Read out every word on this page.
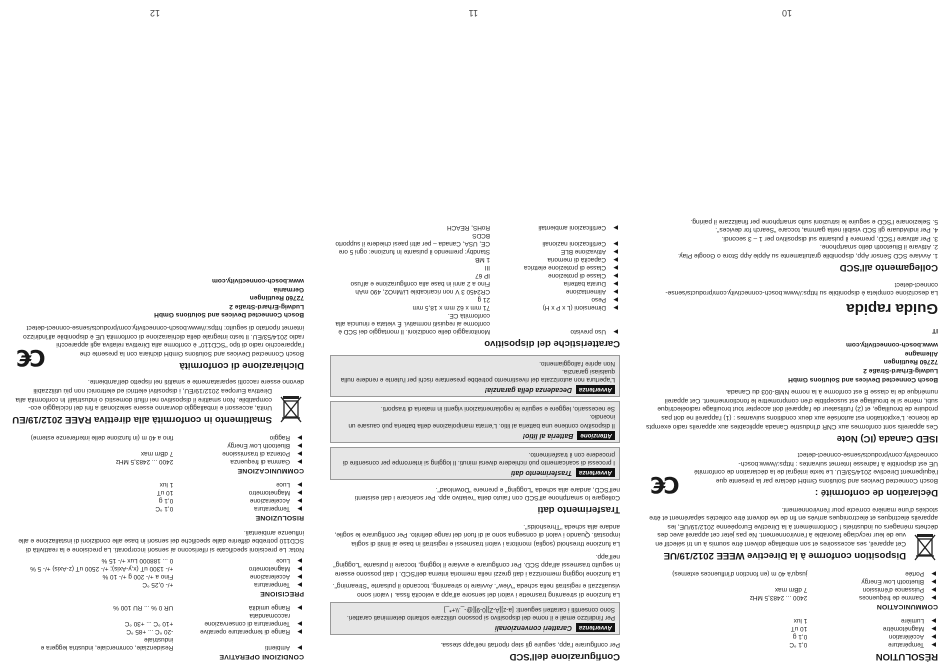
RÉSOLUTION
▶	Température	0,1 °C
▶	Accélération	0,1 g
▶	Magnétomètre	10 uT
▶	Lumière	1 lux
COMMUNICATION
▶	Gamme de fréquences	2400 ... 2483,5 MHz
▶	Puissance d'émission	7 dBm max
▶	Bluetooth Low Energy	
▶	Portée	jusqu'à 40 m (en fonction d'influences externes)
Disposition conforme à la Directive WEEE 2012/19/UE
Cet appareil, ses accessoires et son emballage doivent être soumis à un tri sélectif en vue de leur recyclage favorable à l'environnement. Ne pas jeter cet appareil avec des déchets ménagers ou industriels ! Conformément à la Directive Européenne 2012/19/UE, les appareils électriques et électroniques arrivés en fin de vie doivent être collectés séparément et être stockés d'une manière correcte pour l'environnement.
C€	Déclaration de conformité :
Bosch Connected Devices and Solutions GmbH déclare par la présente que l'équipement Directive 2014/53/EU. Le texte intégral de la déclaration de conformité UE est disponible à l'adresse Internet suivantes : https://www.bosch-connectivity.com/products/sense-connect-detect
ISED Canada (IC) Note
Ces appareils sont conformes aux CNR d'Industrie Canada applicables aux appareils radio exempts de licence. L'exploitation est autorisée aux deux conditions suivantes : (1) l'appareil ne doit pas produire de brouillage, et (2) l'utilisateur de l'appareil doit accepter tout brouillage radioélectrique subi, même si le brouillage est susceptible d'en compromettre le fonctionnement. Cet appareil numérique de la classe B est conforme à la norme NMB-003 du Canada.
Bosch Connected Devices and Solutions GmbH
Ludwig-Erhard-Straße 2
72760 Reutlingen
Allemagne
www.bosch-connectivity.com
IT
Guida rapida
La descrizione completa è disponibile su https://www.bosch-connectivity.com/products/sense-connect-detect
Collegamento all'SCD
1. Avviare SCD Sensor App, disponibile gratuitamente su Apple App Store o Google Play.
2. Attivare il Bluetooth dello smartphone.
3. Per attivare l'SCD, premere il pulsante sul dispositivo per 1 – 3 secondi.
4. Per individuare gli SCD visibili nella gamma, toccare "Search for devices".
5. Selezionare l'SCD e seguire le istruzioni sullo smartphone per finalizzare il pairing.
10
Configurazione dell'SCD
Per configurare l'app, seguire gli step riportati nell'app stessa.
Avvertenza
Caratteri convenzionali
Per l'indirizzo email e il nome del dispositivo si possono utilizzare soltanto determinati caratteri.
Sono consentiti i caratteri seguenti: [a-z][A-Z][0-9][@-_.\\+*_]
La funzione di streaming trasmette i valori del sensore all'app a velocità fissa. I valori sono visualizzati e registrati nella scheda "View". Avviare lo streaming, toccando il pulsante "Streaming".
La funzione logging memorizza i dati grezzi nella memoria interna dell'SCD. I dati possono essere in seguito trasmessi all'app SCD. Per configurare e avviare il logging, toccare il pulsante "Logging" nell'app.
La funzione threshold (soglia) monitora i valori trasmessi e registrati in base ai limiti di soglia impostati. Quando i valori di consegna sono al di fuori del range definito. Per configurare le soglie, andare alla scheda "Thresholds".
Trasferimento dati
Collegare lo smartphone all'SCD con l'aiuto della "relativo app. Per scaricare i dati esistenti nell'SCD, andare alla scheda "Logging" e premere "Download".
Avvertenza
Trasferimento dati
I processi di scaricamento può richiedere diversi minuti. Il logging si interrompe per consentire di procedere con il trasferimento.
Attenzione
Batteria al litio!
Il dispositivo contiene una batteria al litio. L'errata manipolazione della batteria può causare un incendio.
Se necessario, leggere e seguire le regolamentazioni vigenti in materia di trasporti.
Avvertenza
Decadenza della garanzia!
L'apertura non autorizzata del rivestimento potrebbe presentare rischi per l'utente e rendere nulla qualsiasi garanzia.
Non aprire l'alloggiamento.
Caratteristiche del dispositivo
▶	Uso previsto	Monitoraggio delle condizioni. Il montaggio dei SCD è conforme ai requisiti normativi. È vietata e rinuncia alla conformità CE.
▶	Dimensioni (L x P x H)	71 mm x 62 mm x 18,5 mm
▶	Peso	21 g
▶	Alimentazione	CR2450 3 V non ricaricabile Li/MnO2, 490 mAh
▶	Durata batteria	Fino a 2 anni in base alla configurazione e all'uso
▶	Classe di protezione	IP 67
▶	Classe di protezione elettrica	III
▶	Capacità di memoria	1 MB
▶	Attivazione BLE	Standby: premendo il pulsante In funzione: ogni 5 ore
▶	Certificazioni nazionali	CE, USA, Canada – per altri paesi chiedere il supporto BCDS
▶	Certificazioni ambientali	RoHS, REACH
11
CONDIZIONI OPERATIVE
▶	Ambienti	Residenziale, commerciale, industria leggera e industriale
▶	Range di temperature operative	-20 °C ... +85 °C
▶	Temperatura di conservazione raccomandata	+10 °C ... +30 °C
▶	Range umidità	UR 0 % ... RU 100 %
PRECISIONE
▶	Temperatura	+/- 0,25 °C
▶	Accelerazione	Fino a +/- 200 g +/- 10 %
▶	Magnetometro	+/- 1300 uT (x,y-Axis); +/- 2500 uT (z-Axis) +/- 5 %
▶	Luce	0 ... 188000 Lux +/- 15 %
Nota: Le precisioni specificate si riferiscono ai sensori incorporati. La precisione e la reattività di SCD110 potrebbe differire dalle specifiche dei sensori in base alle condizioni di installazione e alle influenze ambientali.
RISOLUZIONE
▶	Temperatura	0,1 °C
▶	Accelerazione	0,1 g
▶	Magnetometro	10 uT
▶	Luce	1 lux
COMMUNICAZIONE
▶	Gamma di frequenza	2400 ... 2483,5 MHz
▶	Potenza di trasmissione	7 dBm max
▶	Bluetooth Low Energy	
▶	Raggio	fino a 40 m (in funzione delle interferenze esterne)
Smaltimento in conformità alla direttiva RAEE 2012/19/EU
Unità, accessori e imballaggio dovranno essere selezionati a fini del riciclaggio eco-compatibile. Non smaltire il dispositivo nei rifiuti domestici o industriali! In conformità alla Direttiva Europea 2012/19/EU, i dispositivi elettrici ed elettronici non più utilizzabili devono essere raccolti separatamente e smaltiti nel rispetto dell'ambiente.
C€	Dichiarazione di conformità
Bosch Connected Devices and Solutions GmbH dichiara con la presente che l'apparecchio radio di tipo "SCD110" è conforme alla Direttiva relativa agli apparecchi radio 2014/53/EU. Il testo integrale della dichiarazione di conformità UE è disponibile all'indirizzo internet riportato di seguito: https://www.bosch-connectivity.com/products/sense-connect-detect
Bosch Connected Devices and Solutions GmbH
Ludwig-Erhard-Straße 2
72760 Reutlingen
Germania
www.bosch-connectivity.com
12
